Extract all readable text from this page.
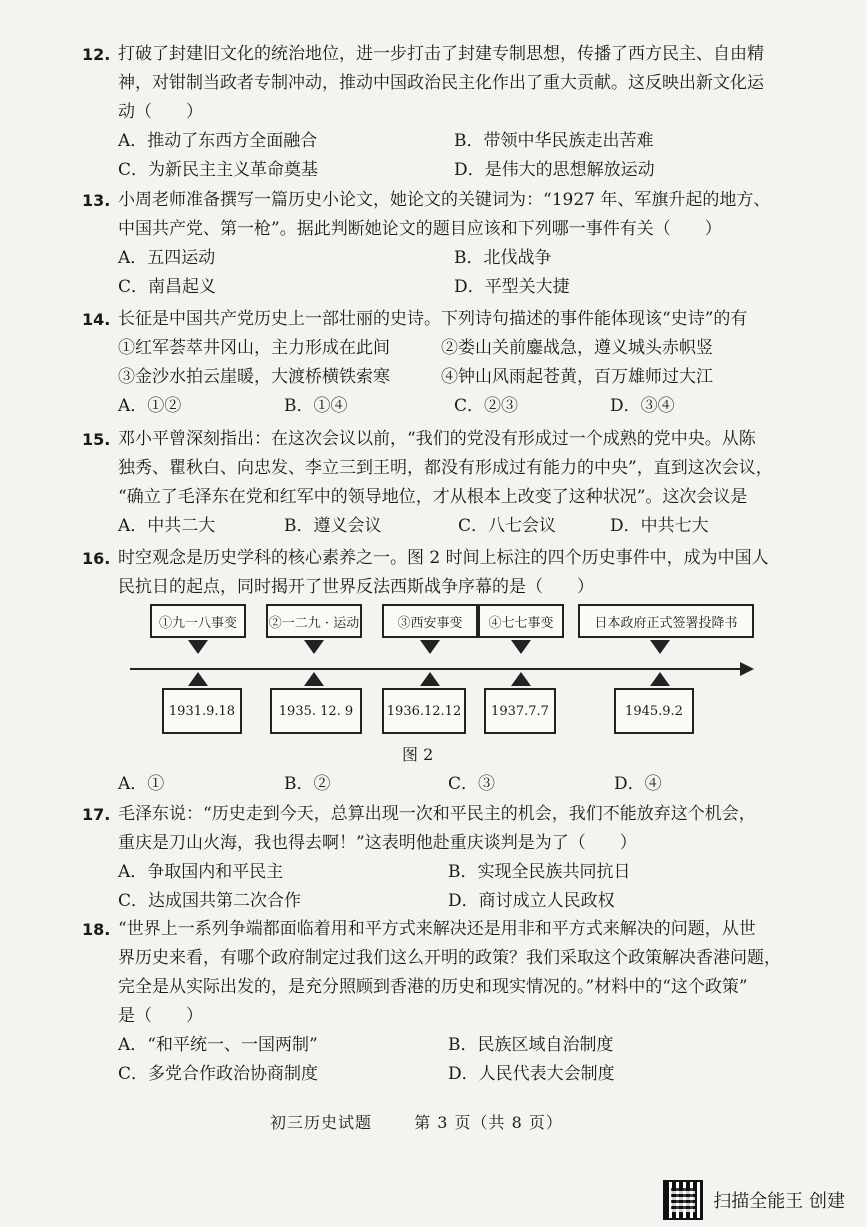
12. 打破了封建旧文化的统治地位，进一步打击了封建专制思想，传播了西方民主、自由精

神，对钳制当政者专制冲动，推动中国政治民主化作出了重大贡献。这反映出新文化运

动（　　）

A．推动了东西方全面融合	B．带领中华民族走出苦难
C．为新民主主义革命奠基	D．是伟大的思想解放运动
13. 小周老师准备撰写一篇历史小论文，她论文的关键词为：“1927 年、军旗升起的地方、

中国共产党、第一枪”。据此判断她论文的题目应该和下列哪一事件有关（　　）

A．五四运动	B．北伐战争
C．南昌起义	D．平型关大捷
14. 长征是中国共产党历史上一部壮丽的史诗。下列诗句描述的事件能体现该“史诗”的有

①红军荟萃井冈山，主力形成在此间　　　②娄山关前鏖战急，遵义城头赤帜竖

③金沙水拍云崖暖，大渡桥横铁索寒　　　④钟山风雨起苍黄，百万雄师过大江

A．①②	B．①④	C．②③	D．③④
15. 邓小平曾深刻指出：在这次会议以前，“我们的党没有形成过一个成熟的党中央。从陈

独秀、瞿秋白、向忠发、李立三到王明，都没有形成过有能力的中央”，直到这次会议，

“确立了毛泽东在党和红军中的领导地位，才从根本上改变了这种状况”。这次会议是

A．中共二大	B．遵义会议	C．八七会议	D．中共七大
16. 时空观念是历史学科的核心素养之一。图 2 时间上标注的四个历史事件中，成为中国人

民抗日的起点，同时揭开了世界反法西斯战争序幕的是（　　）

①九一八事变	②一二九 · 运动	③西安事变	④七七事变	日本政府正式签署投降书
1931.9.18	1935. 12. 9	1936.12.12	1937.7.7	1945.9.2
图 2
A．①	B．②	C．③	D．④
17. 毛泽东说：“历史走到今天，总算出现一次和平民主的机会，我们不能放弃这个机会，

重庆是刀山火海，我也得去啊！”这表明他赴重庆谈判是为了（　　）

A．争取国内和平民主	B．实现全民族共同抗日
C．达成国共第二次合作	D．商讨成立人民政权
18. “世界上一系列争端都面临着用和平方式来解决还是用非和平方式来解决的问题，从世

界历史来看，有哪个政府制定过我们这么开明的政策？我们采取这个政策解决香港问题，

完全是从实际出发的，是充分照顾到香港的历史和现实情况的。”材料中的“这个政策”

是（　　）

A．“和平统一、一国两制”	B．民族区域自治制度
C．多党合作政治协商制度	D．人民代表大会制度
初三历史试题	第 3 页（共 8 页）
扫描全能王 创建
